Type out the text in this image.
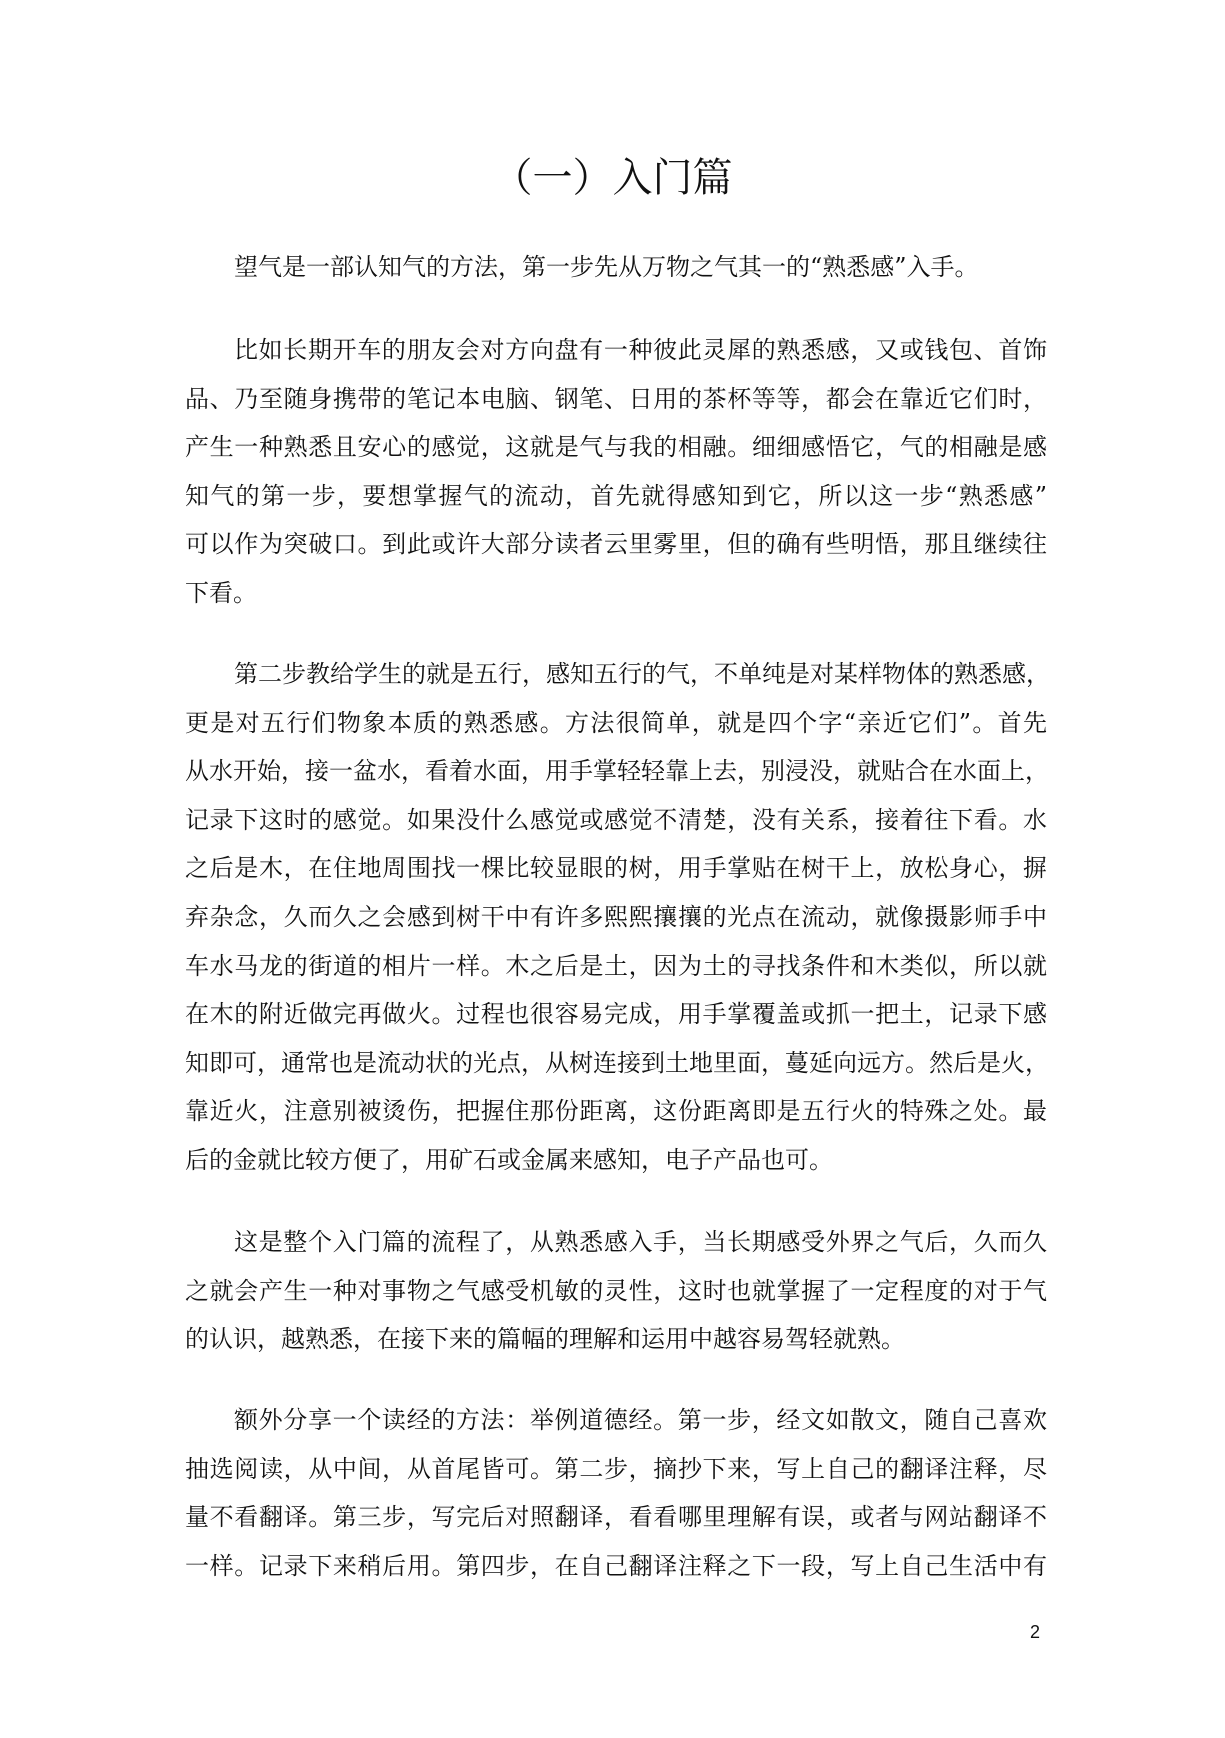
（一）入门篇
望气是一部认知气的方法，第一步先从万物之气其一的“熟悉感”入手。
比如长期开车的朋友会对方向盘有一种彼此灵犀的熟悉感，又或钱包、首饰
品、乃至随身携带的笔记本电脑、钢笔、日用的茶杯等等，都会在靠近它们时，
产生一种熟悉且安心的感觉，这就是气与我的相融。细细感悟它，气的相融是感
知气的第一步，要想掌握气的流动，首先就得感知到它，所以这一步“熟悉感”
可以作为突破口。到此或许大部分读者云里雾里，但的确有些明悟，那且继续往
下看。
第二步教给学生的就是五行，感知五行的气，不单纯是对某样物体的熟悉感，
更是对五行们物象本质的熟悉感。方法很简单，就是四个字“亲近它们”。首先
从水开始，接一盆水，看着水面，用手掌轻轻靠上去，别浸没，就贴合在水面上，
记录下这时的感觉。如果没什么感觉或感觉不清楚，没有关系，接着往下看。水
之后是木，在住地周围找一棵比较显眼的树，用手掌贴在树干上，放松身心，摒
弃杂念，久而久之会感到树干中有许多熙熙攘攘的光点在流动，就像摄影师手中
车水马龙的街道的相片一样。木之后是土，因为土的寻找条件和木类似，所以就
在木的附近做完再做火。过程也很容易完成，用手掌覆盖或抓一把土，记录下感
知即可，通常也是流动状的光点，从树连接到土地里面，蔓延向远方。然后是火，
靠近火，注意别被烫伤，把握住那份距离，这份距离即是五行火的特殊之处。最
后的金就比较方便了，用矿石或金属来感知，电子产品也可。
这是整个入门篇的流程了，从熟悉感入手，当长期感受外界之气后，久而久
之就会产生一种对事物之气感受机敏的灵性，这时也就掌握了一定程度的对于气
的认识，越熟悉，在接下来的篇幅的理解和运用中越容易驾轻就熟。
额外分享一个读经的方法：举例道德经。第一步，经文如散文，随自己喜欢
抽选阅读，从中间，从首尾皆可。第二步，摘抄下来，写上自己的翻译注释，尽
量不看翻译。第三步，写完后对照翻译，看看哪里理解有误，或者与网站翻译不
一样。记录下来稍后用。第四步，在自己翻译注释之下一段，写上自己生活中有
2
